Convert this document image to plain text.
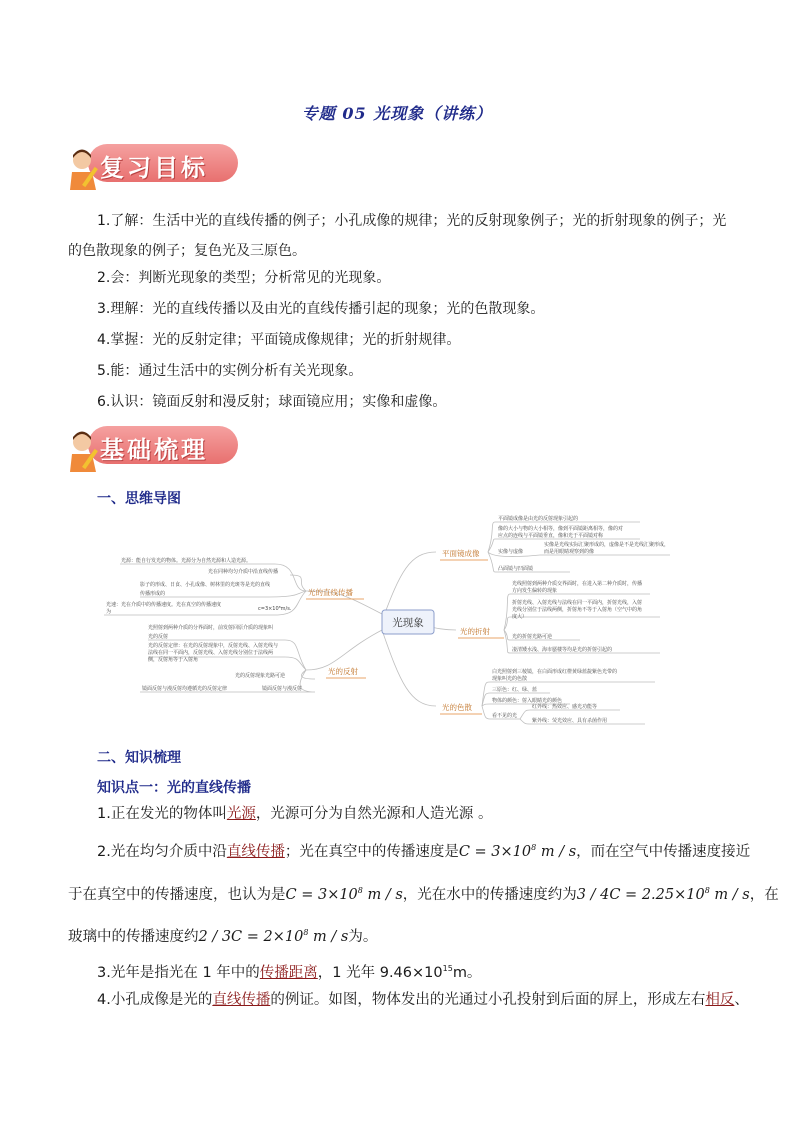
专题 05 光现象（讲练）
复习目标
1.了解：生活中光的直线传播的例子；小孔成像的规律；光的反射现象例子；光的折射现象的例子；光的色散现象的例子；复色光及三原色。
2.会：判断光现象的类型；分析常见的光现象。
3.理解：光的直线传播以及由光的直线传播引起的现象；光的色散现象。
4.掌握：光的反射定律；平面镜成像规律；光的折射规律。
5.能：通过生活中的实例分析有关光现象。
6.认识：镜面反射和漫反射；球面镜应用；实像和虚像。
基础梳理
一、思维导图
光现象
光的直线传播
光的反射
平面镜成像
光的折射
光的色散
光源：能自行发光的物体。光源分为自然光源和人造光源。
光在同种均匀介质中沿直线传播
影子的形成、日食、小孔成像、树林里的光斑等是光的直线
传播形成的
光速：光在介质中的传播速度。光在真空的传播速度
为	c=3×10⁸m/s.
光照射到两种介质的分界面时，前发射回原介质的现象叫
光的反射
光的反射定律：在光的反射现象中，反射光线、入射光线与
法线在同一平面内，反射光线、入射光线分别位于法线两
侧，反射角等于入射角
光的反射现象光路可逆
镜面反射与漫反射均遵循光的反射定律	镜面反射与漫反射
平面镜成像是由光的反射现象引起的
像的大小与物的大小相等，像到平面镜距离相等，像的对
应点的连线与平面镜垂直，像和光于平面镜对称
实像是光线实际汇聚形成的，虚像是不是光线汇聚形成，
而是用眼睛观察到的像
实像与虚像
凸面镜与凹面镜
光线照射到两种介质交界面时，在进入第二种介质时，传播
方向发生偏转的现象
折射光线、入射光线与法线在同一平面内，折射光线，入射
光线分别位于法线两侧，折射角不等于入射角（空气中的角
度大）
光的折射光路可逆
凄清矮水浅、海市蜃楼等均是光的折射引起的
白光照射到三棱镜，在白面形成红橙黄绿蓝靛紫色光带的
现象叫光的色散
三原色：红、绿、蓝
物体的颜色：射入眼睛光的颜色
看不见的光
红外线：热效应、感光功能等
紫外线：荧光效应、具有杀菌作用
二、知识梳理
知识点一：光的直线传播
1.正在发光的物体叫光源，光源可分为自然光源和人造光源 。
2.光在均匀介质中沿直线传播；光在真空中的传播速度是$C = 3\times 10^8$ m / s，而在空气中传播速度接近
于在真空中的传播速度，也认为是$C = 3\times 10^8$ m / s，光在水中的传播速度约为$3 / 4C = 2.25\times 10^8$ m / s，在
玻璃中的传播速度约$2 / 3C = 2\times 10^8$ m / s为。
3.光年是指光在 1 年中的传播距离，1 光年 $9.46\times 10^{15}m$。
4.小孔成像是光的直线传播的例证。如图，物体发出的光通过小孔投射到后面的屏上，形成左右相反、
